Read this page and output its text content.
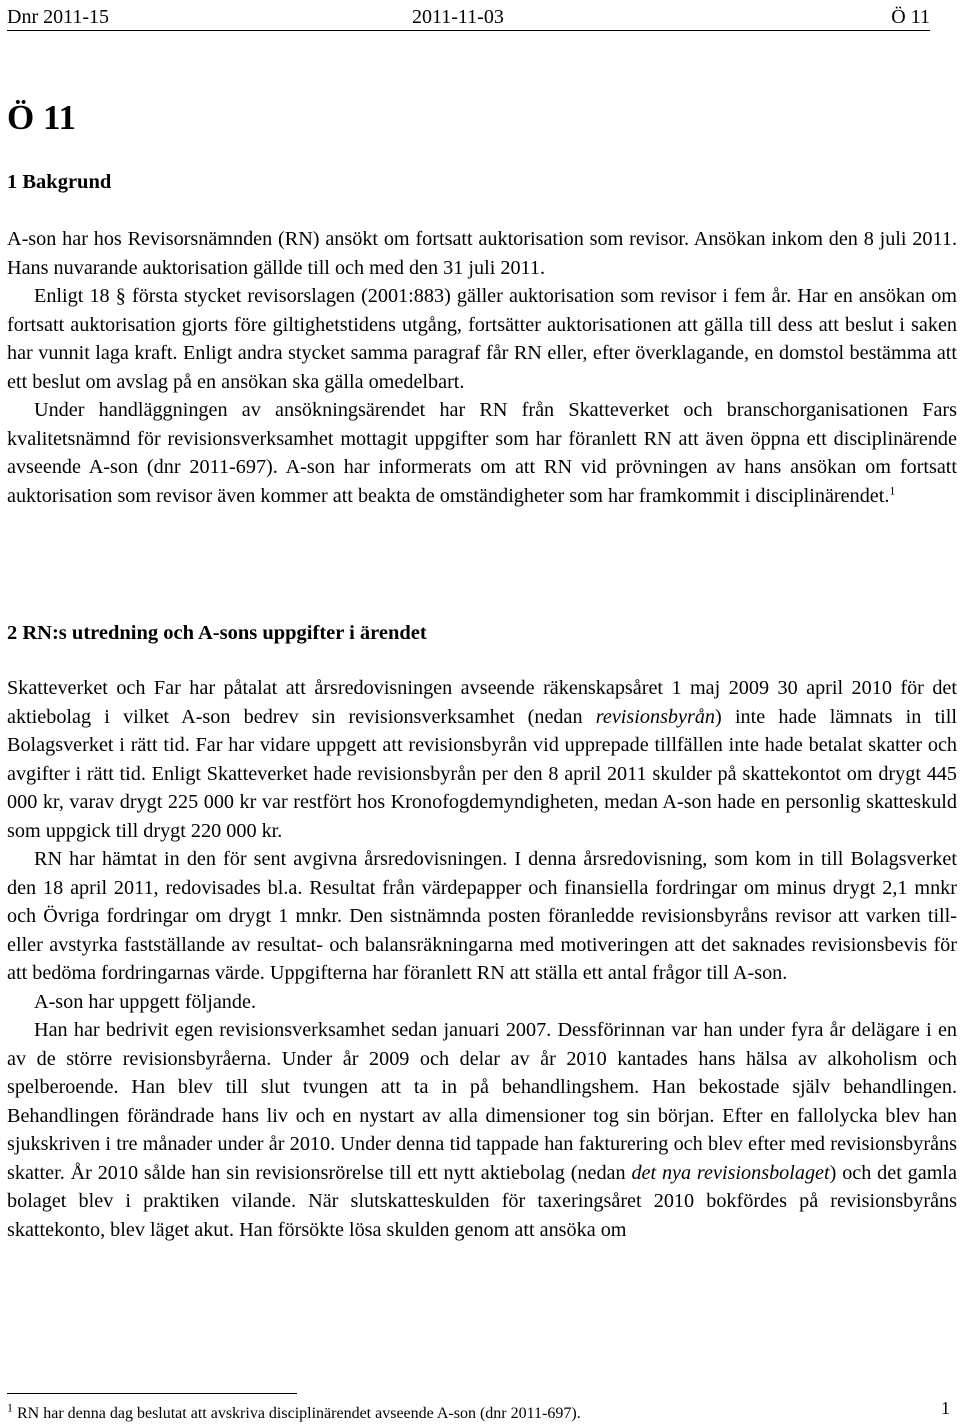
Dnr 2011-15	2011-11-03	Ö 11
Ö 11
1 Bakgrund

A-son har hos Revisorsnämnden (RN) ansökt om fortsatt auktorisation som revisor. Ansökan inkom den 8 juli 2011. Hans nuvarande auktorisation gällde till och med den 31 juli 2011.

Enligt 18 § första stycket revisorslagen (2001:883) gäller auktorisation som revisor i fem år. Har en ansökan om fortsatt auktorisation gjorts före giltighetstidens utgång, fortsätter auktorisationen att gälla till dess att beslut i saken har vunnit laga kraft. Enligt andra stycket samma paragraf får RN eller, efter överklagande, en domstol bestämma att ett beslut om avslag på en ansökan ska gälla omedelbart.

Under handläggningen av ansökningsärendet har RN från Skatteverket och branschorganisationen Fars kvalitetsnämnd för revisionsverksamhet mottagit uppgifter som har föranlett RN att även öppna ett disciplinärende avseende A-son (dnr 2011-697). A-son har informerats om att RN vid prövningen av hans ansökan om fortsatt auktorisation som revisor även kommer att beakta de omständigheter som har framkommit i disciplinärendet.$^1$

2 RN:s utredning och A-sons uppgifter i ärendet

Skatteverket och Far har påtalat att årsredovisningen avseende räkenskapsåret 1 maj 2009 30 april 2010 för det aktiebolag i vilket A-son bedrev sin revisionsverksamhet (nedan revisionsbyrån) inte hade lämnats in till Bolagsverket i rätt tid. Far har vidare uppgett att revisionsbyrån vid upprepade tillfällen inte hade betalat skatter och avgifter i rätt tid. Enligt Skatteverket hade revisionsbyrån per den 8 april 2011 skulder på skattekontot om drygt 445 000 kr, varav drygt 225 000 kr var restfört hos Kronofogdemyndigheten, medan A-son hade en personlig skatteskuld som uppgick till drygt 220 000 kr.

RN har hämtat in den för sent avgivna årsredovisningen. I denna årsredovisning, som kom in till Bolagsverket den 18 april 2011, redovisades bl.a. Resultat från värdepapper och finansiella fordringar om minus drygt 2,1 mnkr och Övriga fordringar om drygt 1 mnkr. Den sistnämnda posten föranledde revisionsbyråns revisor att varken till- eller avstyrka fastställande av resultat- och balansräkningarna med motiveringen att det saknades revisionsbevis för att bedöma fordringarnas värde. Uppgifterna har föranlett RN att ställa ett antal frågor till A-son.

A-son har uppgett följande.

Han har bedrivit egen revisionsverksamhet sedan januari 2007. Dessförinnan var han under fyra år delägare i en av de större revisionsbyråerna. Under år 2009 och delar av år 2010 kantades hans hälsa av alkoholism och spelberoende. Han blev till slut tvungen att ta in på behandlingshem. Han bekostade själv behandlingen. Behandlingen förändrade hans liv och en nystart av alla dimensioner tog sin början. Efter en fallolycka blev han sjukskriven i tre månader under år 2010. Under denna tid tappade han fakturering och blev efter med revisionsbyråns skatter. År 2010 sålde han sin revisionsrörelse till ett nytt aktiebolag (nedan det nya revisionsbolaget) och det gamla bolaget blev i praktiken vilande. När slutskatteskulden för taxeringsåret 2010 bokfördes på revisionsbyråns skattekonto, blev läget akut. Han försökte lösa skulden genom att ansöka om

$^1$ RN har denna dag beslutat att avskriva disciplinärendet avseende A-son (dnr 2011-697).	1
